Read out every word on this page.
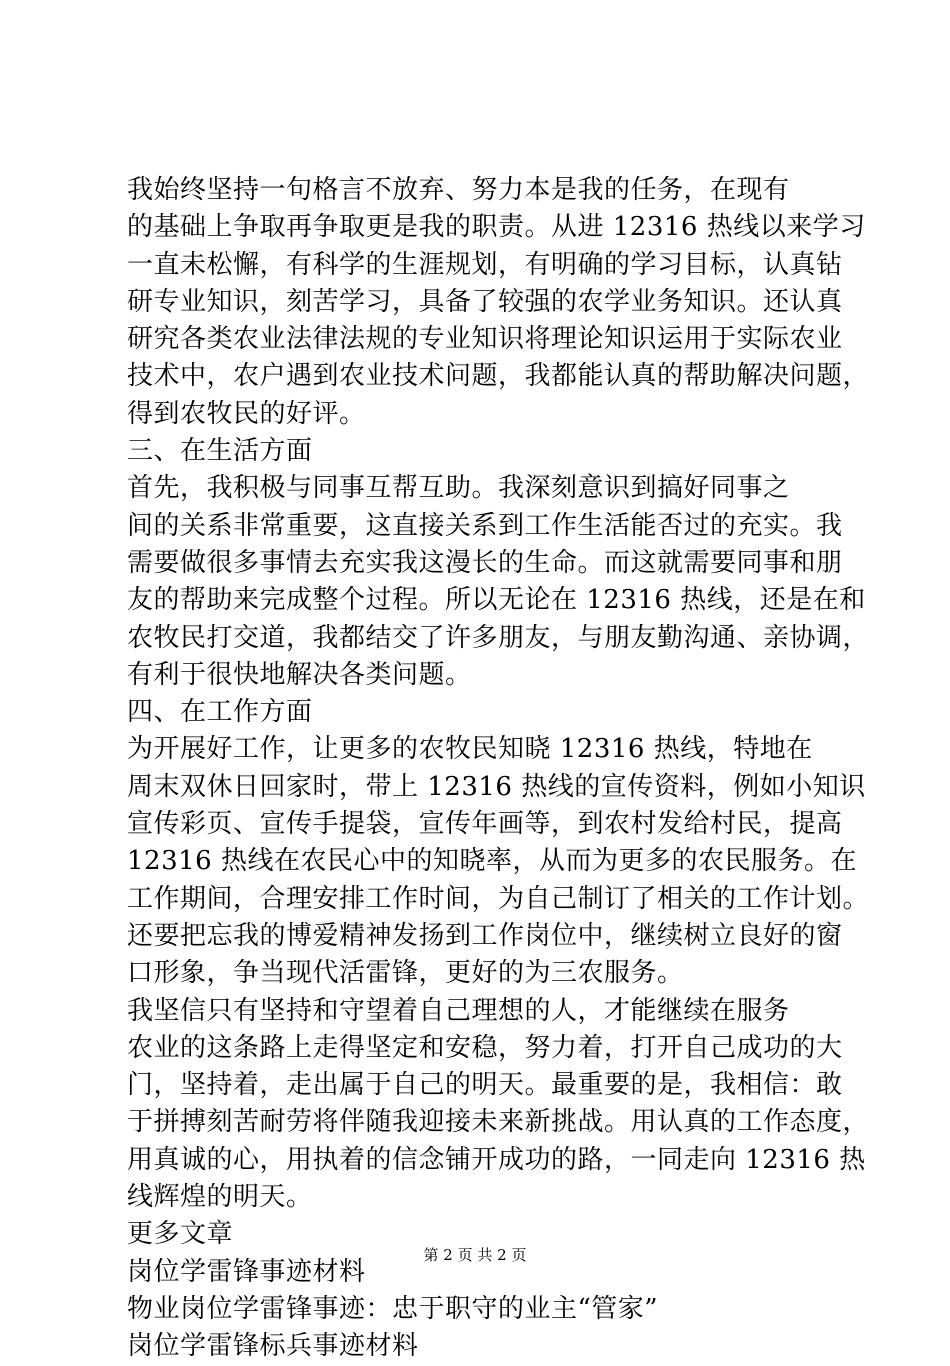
我始终坚持一句格言不放弃、努力本是我的任务，在现有
的基础上争取再争取更是我的职责。从进 12316 热线以来学习
一直未松懈，有科学的生涯规划，有明确的学习目标，认真钻
研专业知识，刻苦学习，具备了较强的农学业务知识。还认真
研究各类农业法律法规的专业知识将理论知识运用于实际农业
技术中，农户遇到农业技术问题，我都能认真的帮助解决问题，
得到农牧民的好评。
三、在生活方面
首先，我积极与同事互帮互助。我深刻意识到搞好同事之
间的关系非常重要，这直接关系到工作生活能否过的充实。我
需要做很多事情去充实我这漫长的生命。而这就需要同事和朋
友的帮助来完成整个过程。所以无论在 12316 热线，还是在和
农牧民打交道，我都结交了许多朋友，与朋友勤沟通、亲协调，
有利于很快地解决各类问题。
四、在工作方面
为开展好工作，让更多的农牧民知晓 12316 热线，特地在
周末双休日回家时，带上 12316 热线的宣传资料，例如小知识
宣传彩页、宣传手提袋，宣传年画等，到农村发给村民，提高
12316 热线在农民心中的知晓率，从而为更多的农民服务。在
工作期间，合理安排工作时间，为自己制订了相关的工作计划。
还要把忘我的博爱精神发扬到工作岗位中，继续树立良好的窗
口形象，争当现代活雷锋，更好的为三农服务。
我坚信只有坚持和守望着自己理想的人，才能继续在服务
农业的这条路上走得坚定和安稳，努力着，打开自己成功的大
门，坚持着，走出属于自己的明天。最重要的是，我相信：敢
于拼搏刻苦耐劳将伴随我迎接未来新挑战。用认真的工作态度，
用真诚的心，用执着的信念铺开成功的路，一同走向 12316 热
线辉煌的明天。
更多文章
岗位学雷锋事迹材料
物业岗位学雷锋事迹：忠于职守的业主“管家”
岗位学雷锋标兵事迹材料
第 2 页 共 2 页
